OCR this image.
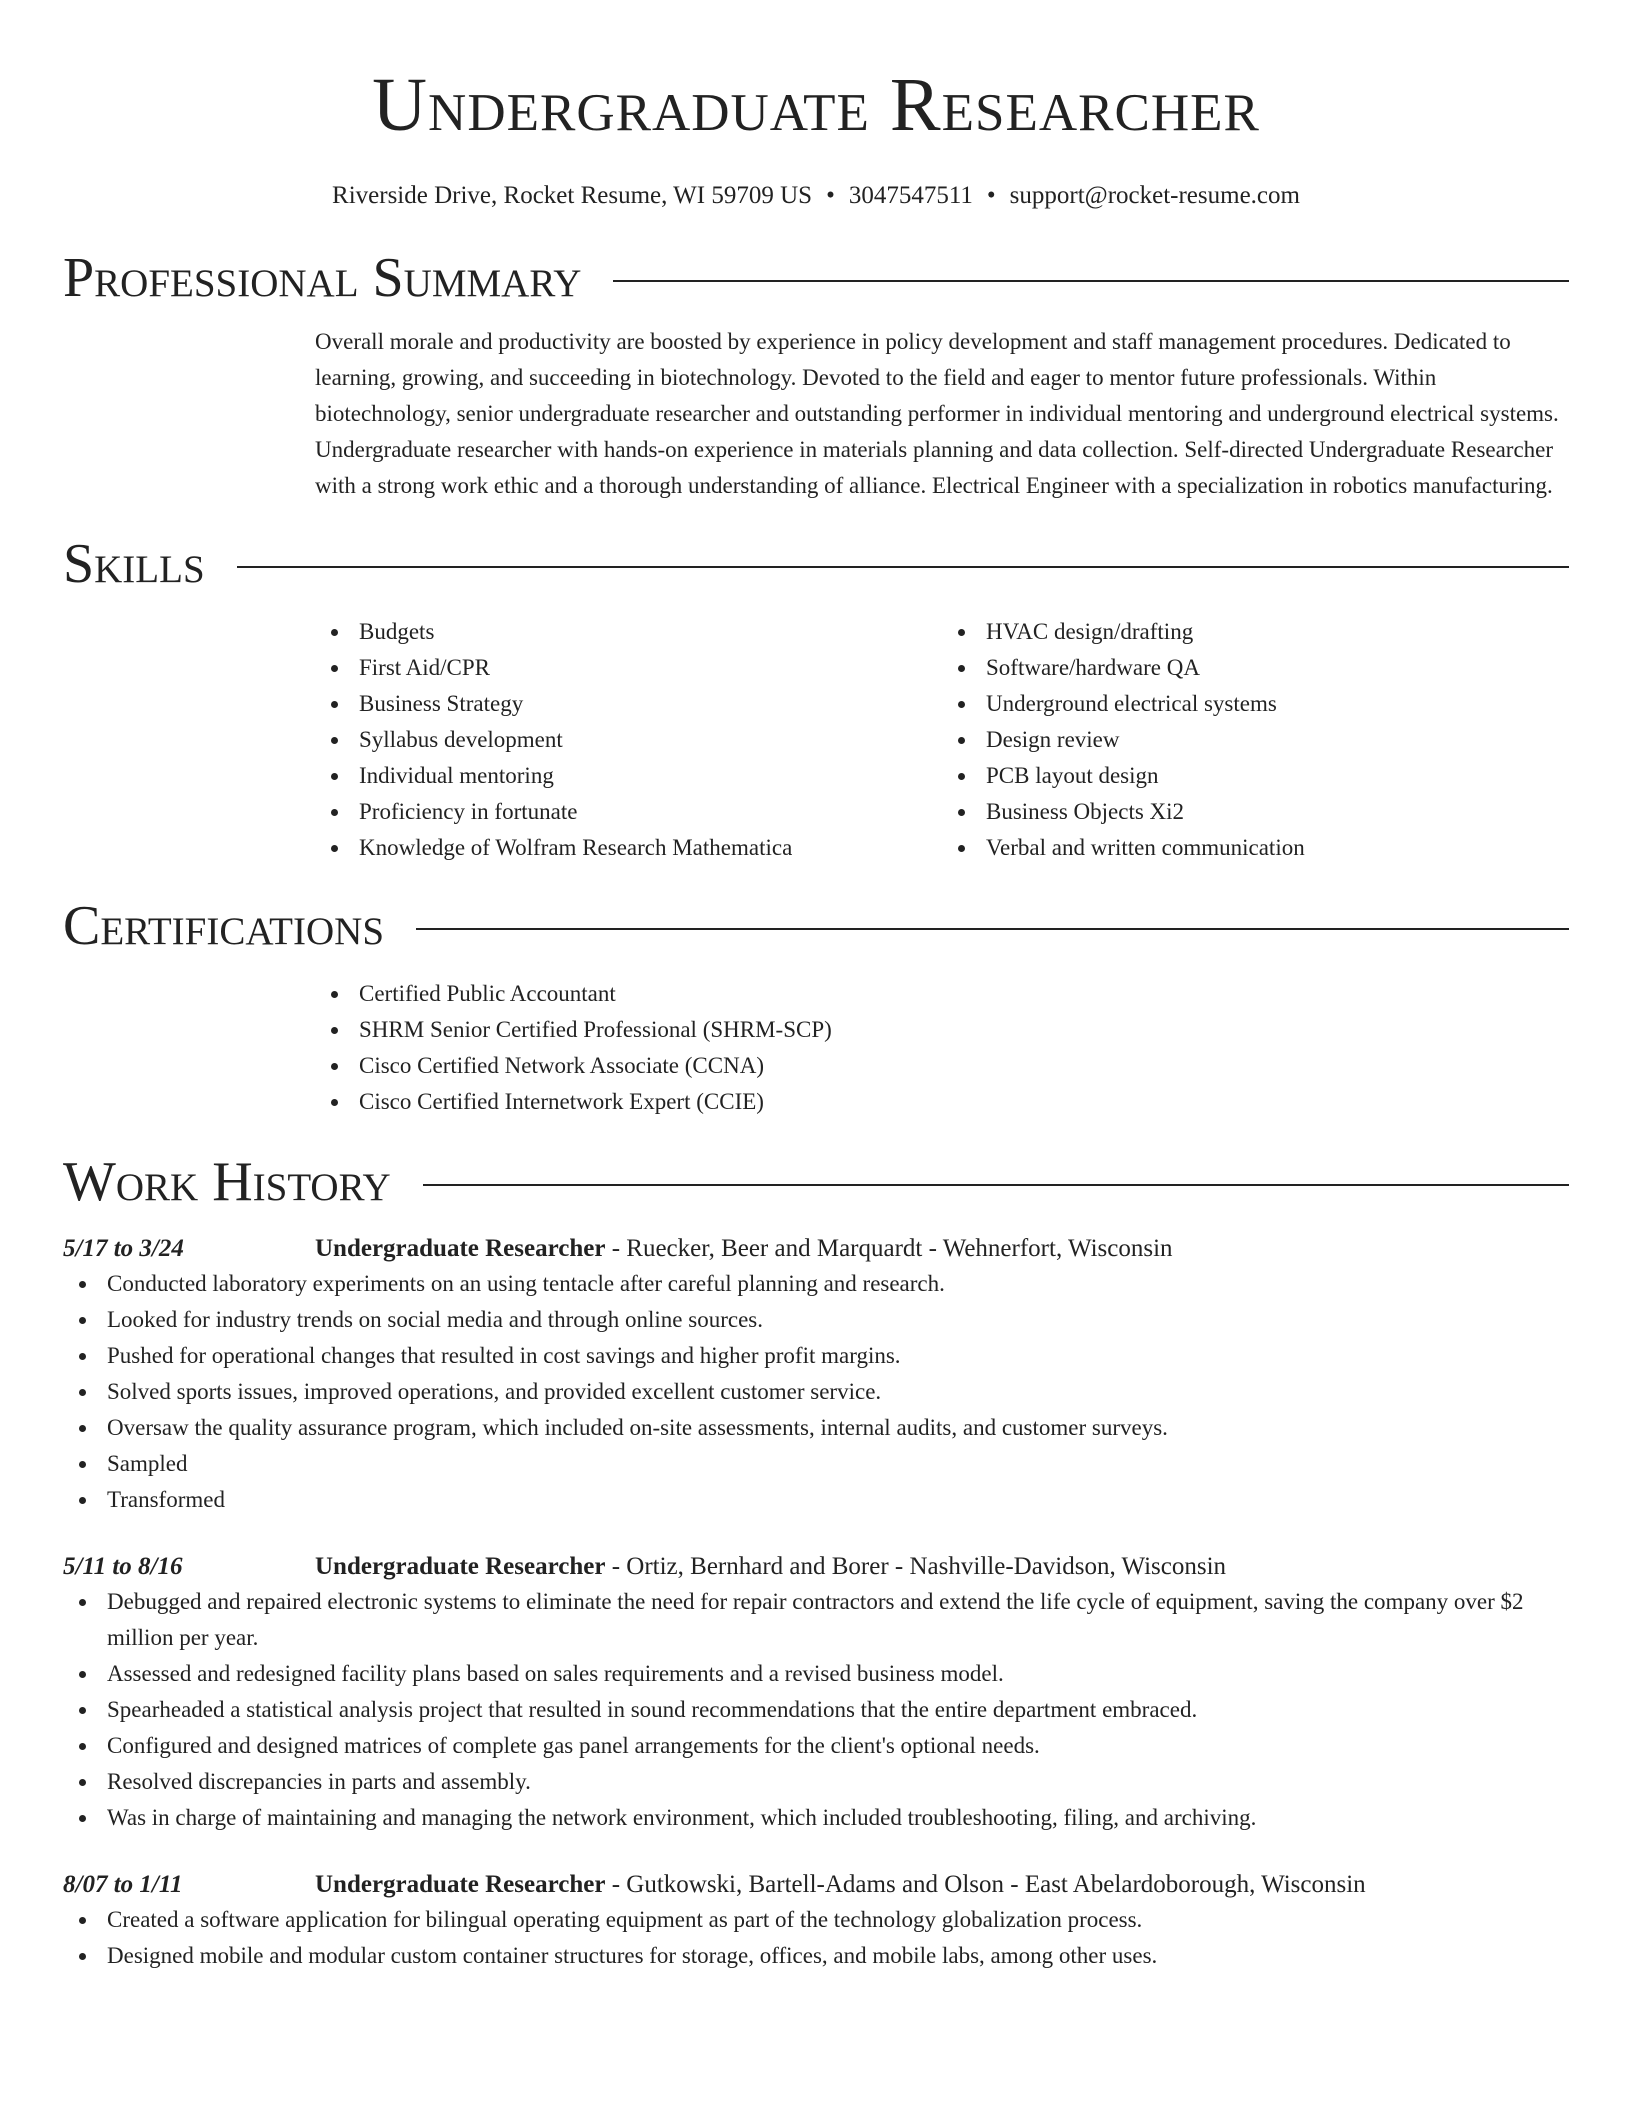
Undergraduate Researcher
Riverside Drive, Rocket Resume, WI 59709 US • 3047547511 • support@rocket-resume.com
Professional Summary

Overall morale and productivity are boosted by experience in policy development and staff management procedures. Dedicated to learning, growing, and succeeding in biotechnology. Devoted to the field and eager to mentor future professionals. Within biotechnology, senior undergraduate researcher and outstanding performer in individual mentoring and underground electrical systems. Undergraduate researcher with hands-on experience in materials planning and data collection. Self-directed Undergraduate Researcher with a strong work ethic and a thorough understanding of alliance. Electrical Engineer with a specialization in robotics manufacturing.

Skills
Budgets
First Aid/CPR
Business Strategy
Syllabus development
Individual mentoring
Proficiency in fortunate
Knowledge of Wolfram Research Mathematica
HVAC design/drafting
Software/hardware QA
Underground electrical systems
Design review
PCB layout design
Business Objects Xi2
Verbal and written communication
Certifications
Certified Public Accountant
SHRM Senior Certified Professional (SHRM-SCP)
Cisco Certified Network Associate (CCNA)
Cisco Certified Internetwork Expert (CCIE)
Work History
5/17 to 3/24	Undergraduate Researcher - Ruecker, Beer and Marquardt - Wehnerfort, Wisconsin
Conducted laboratory experiments on an using tentacle after careful planning and research.
Looked for industry trends on social media and through online sources.
Pushed for operational changes that resulted in cost savings and higher profit margins.
Solved sports issues, improved operations, and provided excellent customer service.
Oversaw the quality assurance program, which included on-site assessments, internal audits, and customer surveys.
Sampled
Transformed
5/11 to 8/16	Undergraduate Researcher - Ortiz, Bernhard and Borer - Nashville-Davidson, Wisconsin
Debugged and repaired electronic systems to eliminate the need for repair contractors and extend the life cycle of equipment, saving the company over $2 million per year.
Assessed and redesigned facility plans based on sales requirements and a revised business model.
Spearheaded a statistical analysis project that resulted in sound recommendations that the entire department embraced.
Configured and designed matrices of complete gas panel arrangements for the client's optional needs.
Resolved discrepancies in parts and assembly.
Was in charge of maintaining and managing the network environment, which included troubleshooting, filing, and archiving.
8/07 to 1/11	Undergraduate Researcher - Gutkowski, Bartell-Adams and Olson - East Abelardoborough, Wisconsin
Created a software application for bilingual operating equipment as part of the technology globalization process.
Designed mobile and modular custom container structures for storage, offices, and mobile labs, among other uses.
